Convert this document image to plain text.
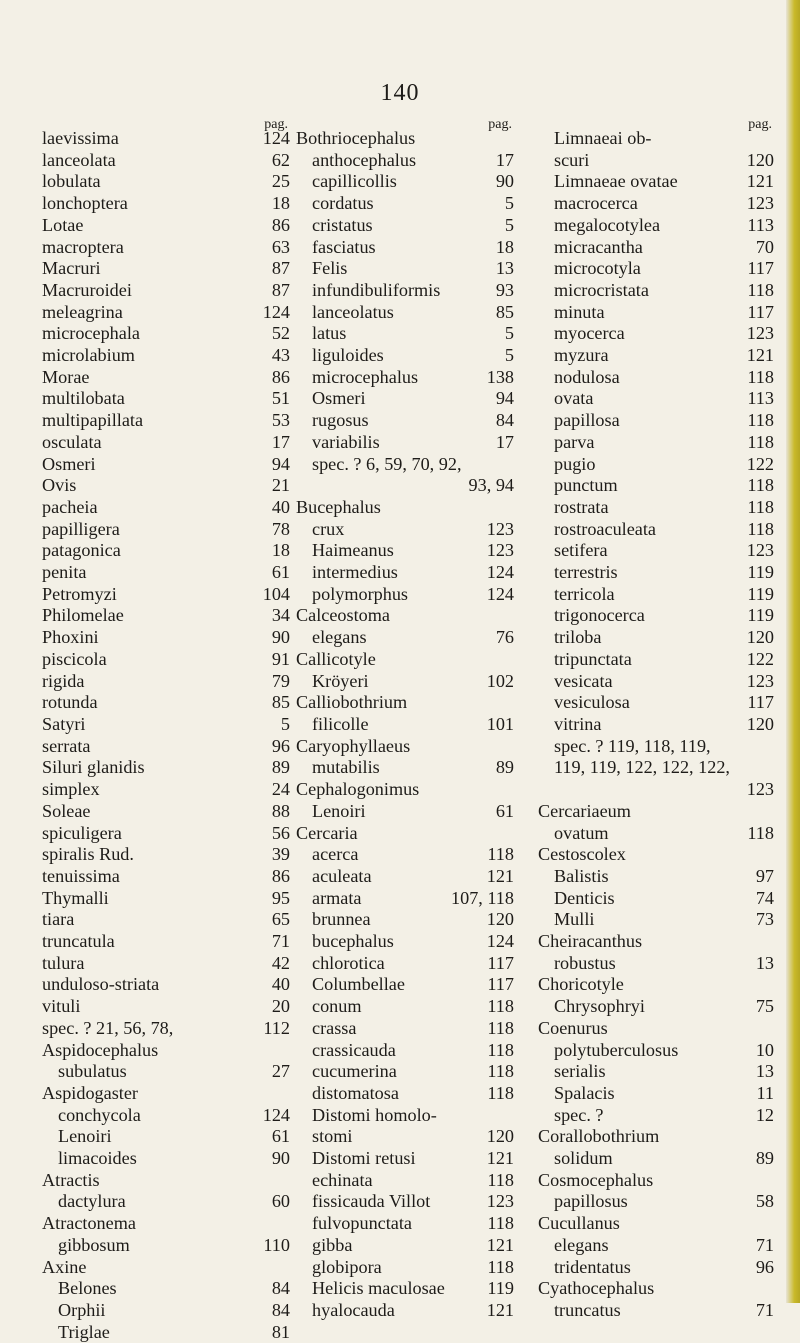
140
pag.
laevissima	124
lanceolata	62
lobulata	25
lonchoptera	18
Lotae	86
macroptera	63
Macruri	87
Macruroidei	87
meleagrina	124
microcephala	52
microlabium	43
Morae	86
multilobata	51
multipapillata	53
osculata	17
Osmeri	94
Ovis	21
pacheia	40
papilligera	78
patagonica	18
penita	61
Petromyzi	104
Philomelae	34
Phoxini	90
piscicola	91
rigida	79
rotunda	85
Satyri	5
serrata	96
Siluri glanidis	89
simplex	24
Soleae	88
spiculigera	56
spiralis Rud.	39
tenuissima	86
Thymalli	95
tiara	65
truncatula	71
tulura	42
unduloso-striata	40
vituli	20
spec. ? 21, 56, 78,	112
Aspidocephalus
subulatus	27
Aspidogaster
conchycola	124
Lenoiri	61
limacoides	90
Atractis
dactylura	60
Atractonema
gibbosum	110
Axine
Belones	84
Orphii	84
Triglae	81
pag.
Bothriocephalus
anthocephalus	17
capillicollis	90
cordatus	5
cristatus	5
fasciatus	18
Felis	13
infundibuliformis	93
lanceolatus	85
latus	5
liguloides	5
microcephalus	138
Osmeri	94
rugosus	84
variabilis	17
spec. ? 6, 59, 70, 92,
93, 94
Bucephalus
crux	123
Haimeanus	123
intermedius	124
polymorphus	124
Calceostoma
elegans	76
Callicotyle
Kröyeri	102
Calliobothrium
filicolle	101
Caryophyllaeus
mutabilis	89
Cephalogonimus
Lenoiri	61
Cercaria
acerca	118
aculeata	121
armata	107, 118
brunnea	120
bucephalus	124
chlorotica	117
Columbellae	117
conum	118
crassa	118
crassicauda	118
cucumerina	118
distomatosa	118
Distomi homolo-
stomi	120
Distomi retusi	121
echinata	118
fissicauda Villot	123
fulvopunctata	118
gibba	121
globipora	118
Helicis maculosae 119
hyalocauda	121
pag.
Limnaeai ob-
scuri	120
Limnaeae ovatae	121
macrocerca	123
megalocotylea	113
micracantha	70
microcotyla	117
microcristata	118
minuta	117
myocerca	123
myzura	121
nodulosa	118
ovata	113
papillosa	118
parva	118
pugio	122
punctum	118
rostrata	118
rostroaculeata	118
setifera	123
terrestris	119
terricola	119
trigonocerca	119
triloba	120
tripunctata	122
vesicata	123
vesiculosa	117
vitrina	120
spec. ? 119, 118, 119,
119, 119, 122, 122, 122,
123
Cercariaeum
ovatum	118
Cestoscolex
Balistis	97
Denticis	74
Mulli	73
Cheiracanthus
robustus	13
Choricotyle
Chrysophryi	75
Coenurus
polytuberculosus	10
serialis	13
Spalacis	11
spec. ?	12
Corallobothrium
solidum	89
Cosmocephalus
papillosus	58
Cucullanus
elegans	71
tridentatus	96
Cyathocephalus
truncatus	71
